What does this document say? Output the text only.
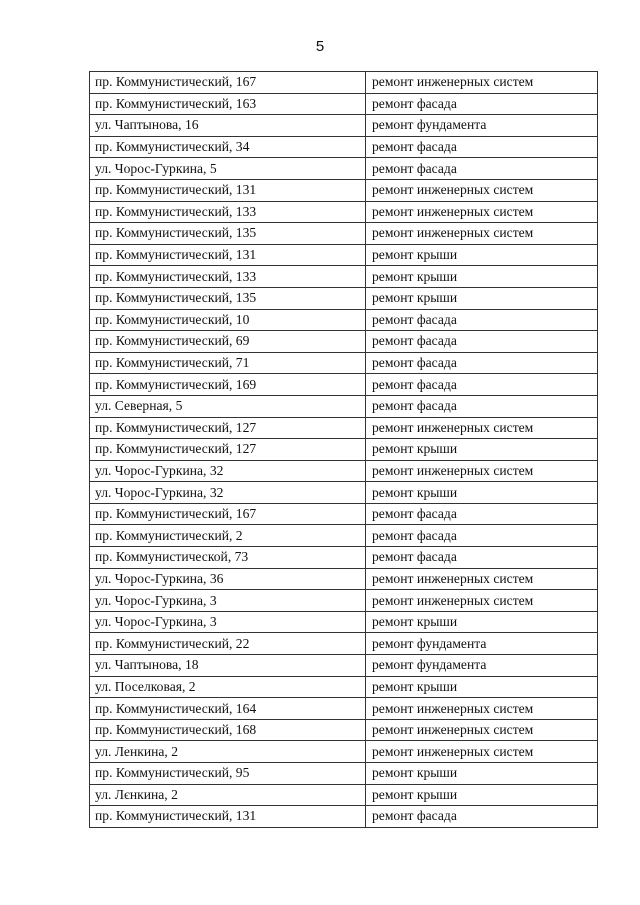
5
пр. Коммунистический, 167	ремонт инженерных систем
пр. Коммунистический, 163	ремонт фасада
ул. Чаптынова, 16	ремонт фундамента
пр. Коммунистический, 34	ремонт фасада
ул. Чорос-Гуркина, 5	ремонт фасада
пр. Коммунистический, 131	ремонт инженерных систем
пр. Коммунистический, 133	ремонт инженерных систем
пр. Коммунистический, 135	ремонт инженерных систем
пр. Коммунистический, 131	ремонт крыши
пр. Коммунистический, 133	ремонт крыши
пр. Коммунистический, 135	ремонт крыши
пр. Коммунистический, 10	ремонт фасада
пр. Коммунистический, 69	ремонт фасада
пр. Коммунистический, 71	ремонт фасада
пр. Коммунистический, 169	ремонт фасада
ул. Северная, 5	ремонт фасада
пр. Коммунистический, 127	ремонт инженерных систем
пр. Коммунистический, 127	ремонт крыши
ул. Чорос-Гуркина, 32	ремонт инженерных систем
ул. Чорос-Гуркина, 32	ремонт крыши
пр. Коммунистический, 167	ремонт фасада
пр. Коммунистический, 2	ремонт фасада
пр. Коммунистической, 73	ремонт фасада
ул. Чорос-Гуркина, 36	ремонт инженерных систем
ул. Чорос-Гуркина, 3	ремонт инженерных систем
ул. Чорос-Гуркина, 3	ремонт крыши
пр. Коммунистический, 22	ремонт фундамента
ул. Чаптынова, 18	ремонт фундамента
ул. Поселковая, 2	ремонт крыши
пр. Коммунистический, 164	ремонт инженерных систем
пр. Коммунистический, 168	ремонт инженерных систем
ул. Ленкина, 2	ремонт инженерных систем
пр. Коммунистический, 95	ремонт крыши
ул. Лєнкина, 2	ремонт крыши
пр. Коммунистический, 131	ремонт фасада
